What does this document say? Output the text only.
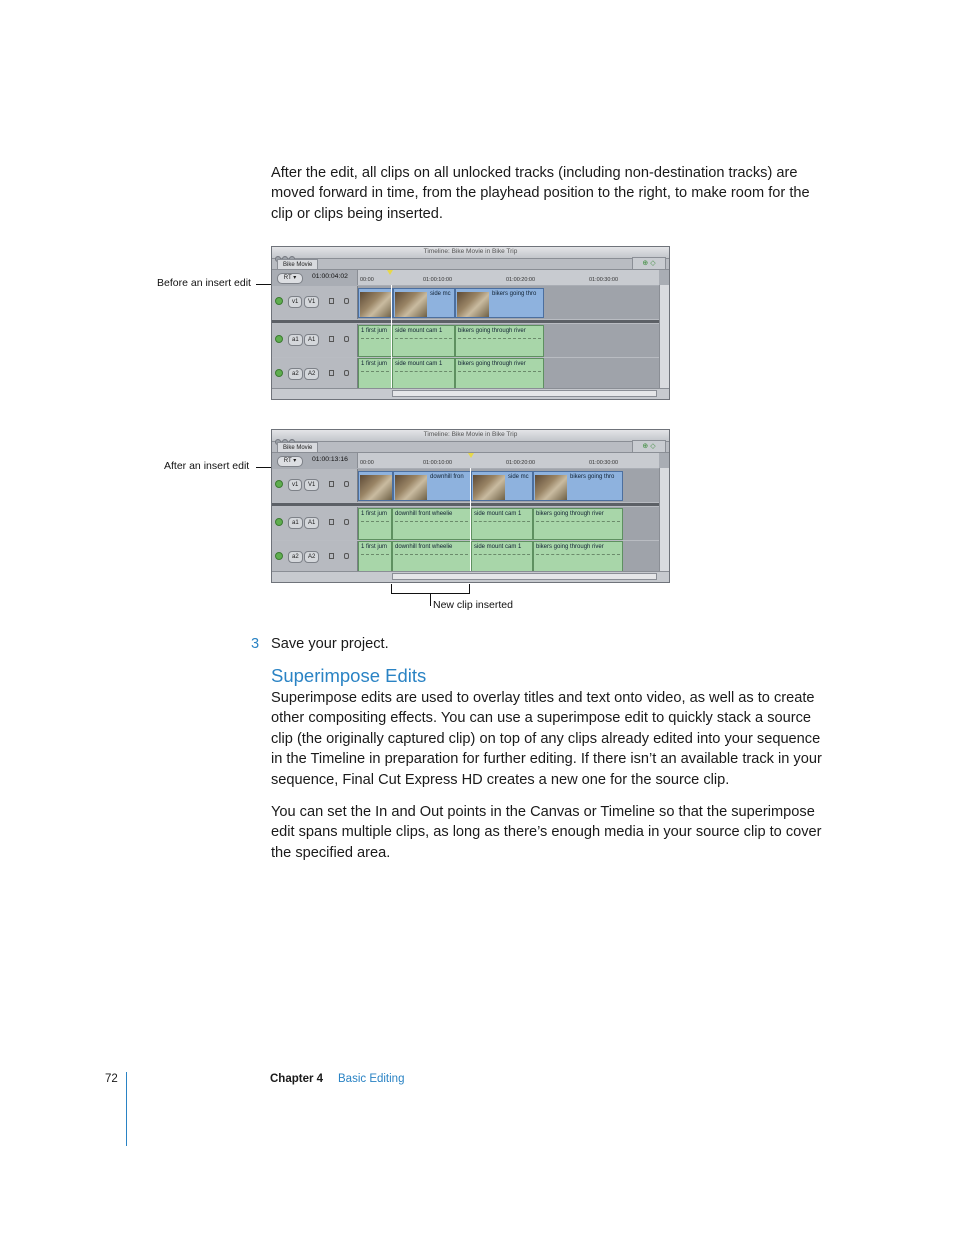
After the edit, all clips on all unlocked tracks (including non-destination tracks) are moved forward in time, from the playhead position to the right, to make room for the clip or clips being inserted.

Before an insert edit
Timeline: Bike Movie in Bike Trip
Bike Movie	⊕ ◇
RT ▾	01:00:04:02 00:00	01:00:10:00	01:00:20:00	01:00:30:00
v1	V1
side mc	bikers going thro
a1	A1
1 first jum side mount cam 1	bikers going through river
a2	A2
1 first jum side mount cam 1	bikers going through river
After an insert edit
Timeline: Bike Movie in Bike Trip
Bike Movie	⊕ ◇
RT ▾	01:00:13:16 00:00	01:00:10:00	01:00:20:00	01:00:30:00
v1	V1
downhill fron	side mc	bikers going thro
a1	A1
1 first jum downhill front wheelie	side mount cam 1 bikers going through river
a2	A2
1 first jum downhill front wheelie	side mount cam 1 bikers going through river
New clip inserted
3 Save your project.
Superimpose Edits

Superimpose edits are used to overlay titles and text onto video, as well as to create other compositing effects. You can use a superimpose edit to quickly stack a source clip (the originally captured clip) on top of any clips already edited into your sequence in the Timeline in preparation for further editing. If there isn’t an available track in your sequence, Final Cut Express HD creates a new one for the source clip.

You can set the In and Out points in the Canvas or Timeline so that the superimpose edit spans multiple clips, as long as there’s enough media in your source clip to cover the specified area.

72	Chapter 4 Basic Editing
